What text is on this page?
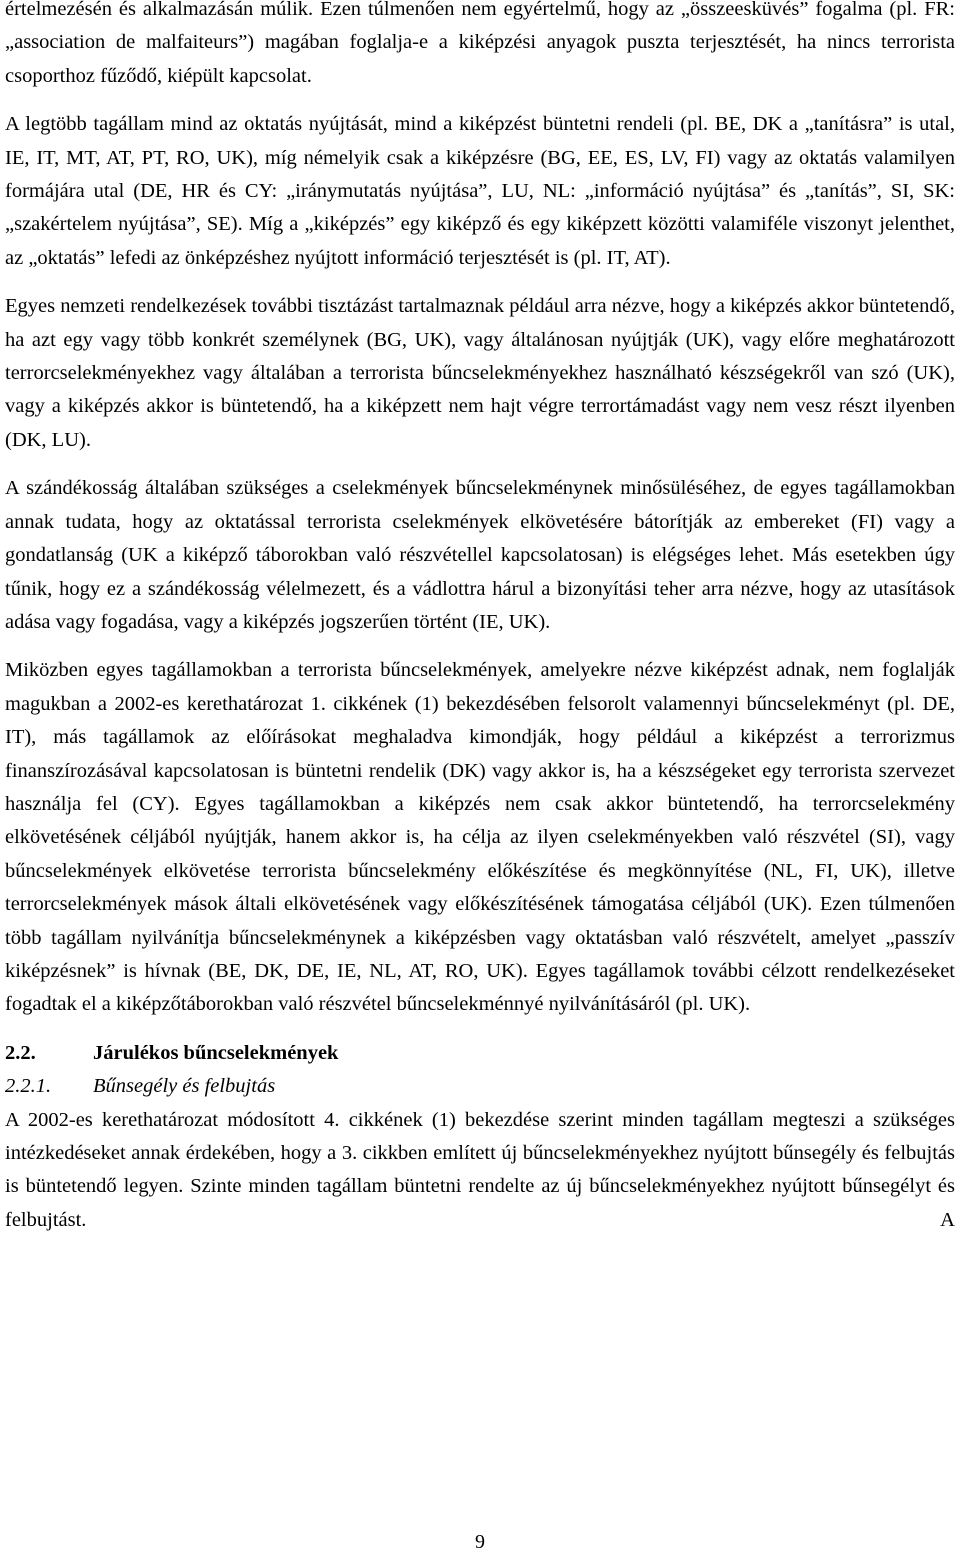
értelmezésén és alkalmazásán múlik. Ezen túlmenően nem egyértelmű, hogy az „összeesküvés” fogalma (pl. FR: „association de malfaiteurs”) magában foglalja-e a kiképzési anyagok puszta terjesztését, ha nincs terrorista csoporthoz fűződő, kiépült kapcsolat.

A legtöbb tagállam mind az oktatás nyújtását, mind a kiképzést büntetni rendeli (pl. BE, DK a „tanításra” is utal, IE, IT, MT, AT, PT, RO, UK), míg némelyik csak a kiképzésre (BG, EE, ES, LV, FI) vagy az oktatás valamilyen formájára utal (DE, HR és CY: „iránymutatás nyújtása”, LU, NL: „információ nyújtása” és „tanítás”, SI, SK: „szakértelem nyújtása”, SE). Míg a „kiképzés” egy kiképző és egy kiképzett közötti valamiféle viszonyt jelenthet, az „oktatás” lefedi az önképzéshez nyújtott információ terjesztését is (pl. IT, AT).

Egyes nemzeti rendelkezések további tisztázást tartalmaznak például arra nézve, hogy a kiképzés akkor büntetendő, ha azt egy vagy több konkrét személynek (BG, UK), vagy általánosan nyújtják (UK), vagy előre meghatározott terrorcselekményekhez vagy általában a terrorista bűncselekményekhez használható készségekről van szó (UK), vagy a kiképzés akkor is büntetendő, ha a kiképzett nem hajt végre terrortámadást vagy nem vesz részt ilyenben (DK, LU).

A szándékosság általában szükséges a cselekmények bűncselekménynek minősüléséhez, de egyes tagállamokban annak tudata, hogy az oktatással terrorista cselekmények elkövetésére bátorítják az embereket (FI) vagy a gondatlanság (UK a kiképző táborokban való részvétellel kapcsolatosan) is elégséges lehet. Más esetekben úgy tűnik, hogy ez a szándékosság vélelmezett, és a vádlottra hárul a bizonyítási teher arra nézve, hogy az utasítások adása vagy fogadása, vagy a kiképzés jogszerűen történt (IE, UK).

Miközben egyes tagállamokban a terrorista bűncselekmények, amelyekre nézve kiképzést adnak, nem foglalják magukban a 2002-es kerethatározat 1. cikkének (1) bekezdésében felsorolt valamennyi bűncselekményt (pl. DE, IT), más tagállamok az előírásokat meghaladva kimondják, hogy például a kiképzést a terrorizmus finanszírozásával kapcsolatosan is büntetni rendelik (DK) vagy akkor is, ha a készségeket egy terrorista szervezet használja fel (CY). Egyes tagállamokban a kiképzés nem csak akkor büntetendő, ha terrorcselekmény elkövetésének céljából nyújtják, hanem akkor is, ha célja az ilyen cselekményekben való részvétel (SI), vagy bűncselekmények elkövetése terrorista bűncselekmény előkészítése és megkönnyítése (NL, FI, UK), illetve terrorcselekmények mások általi elkövetésének vagy előkészítésének támogatása céljából (UK). Ezen túlmenően több tagállam nyilvánítja bűncselekménynek a kiképzésben vagy oktatásban való részvételt, amelyet „passzív kiképzésnek” is hívnak (BE, DK, DE, IE, NL, AT, RO, UK). Egyes tagállamok további célzott rendelkezéseket fogadtak el a kiképzőtáborokban való részvétel bűncselekménnyé nyilvánításáról (pl. UK).

2.2.	Járulékos bűncselekmények
2.2.1.	Bűnsegély és felbujtás

A 2002-es kerethatározat módosított 4. cikkének (1) bekezdése szerint minden tagállam megteszi a szükséges intézkedéseket annak érdekében, hogy a 3. cikkben említett új bűncselekményekhez nyújtott bűnsegély és felbujtás is büntetendő legyen. Szinte minden tagállam büntetni rendelte az új bűncselekményekhez nyújtott bűnsegélyt és felbujtást. A

9
